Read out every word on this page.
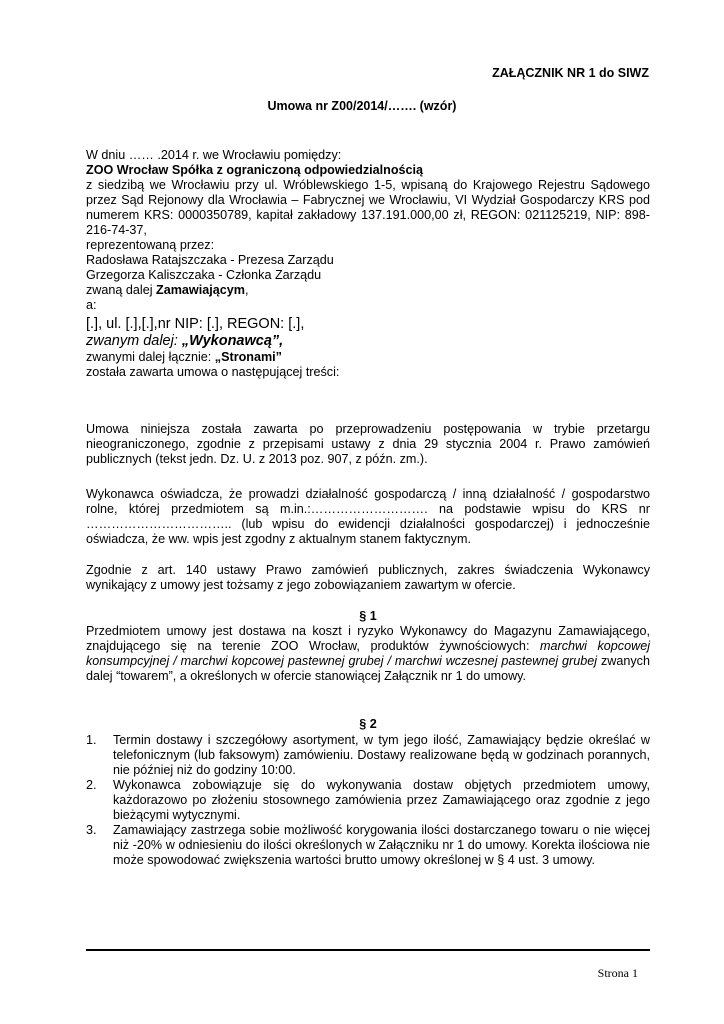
ZAŁĄCZNIK NR 1 do SIWZ
Umowa nr Z00/2014/……. (wzór)
W dniu …… .2014 r. we Wrocławiu pomiędzy:
ZOO Wrocław Spółka z ograniczoną odpowiedzialnością
z siedzibą we Wrocławiu przy ul. Wróblewskiego 1-5, wpisaną do Krajowego Rejestru Sądowego przez Sąd Rejonowy dla Wrocławia – Fabrycznej we Wrocławiu, VI Wydział Gospodarczy KRS pod numerem KRS: 0000350789, kapitał zakładowy 137.191.000,00 zł, REGON: 021125219, NIP: 898-216-74-37,
reprezentowaną przez:
Radosława Ratajszczaka - Prezesa Zarządu
Grzegorza Kaliszczaka - Członka Zarządu
zwaną dalej Zamawiającym,
a:
[.], ul. [.],[.],nr NIP: [.], REGON: [.],
zwanym dalej: „Wykonawcą”,
zwanymi dalej łącznie: „Stronami”
została zawarta umowa o następującej treści:
Umowa niniejsza została zawarta po przeprowadzeniu postępowania w trybie przetargu nieograniczonego, zgodnie z przepisami ustawy z dnia 29 stycznia 2004 r. Prawo zamówień publicznych (tekst jedn. Dz. U. z 2013 poz. 907, z późn. zm.).
Wykonawca oświadcza, że prowadzi działalność gospodarczą / inną działalność / gospodarstwo rolne, której przedmiotem są m.in.:………………………. na podstawie wpisu do KRS nr …………………………….. (lub wpisu do ewidencji działalności gospodarczej) i jednocześnie oświadcza, że ww. wpis jest zgodny z aktualnym stanem faktycznym.
Zgodnie z art. 140 ustawy Prawo zamówień publicznych, zakres świadczenia Wykonawcy wynikający z umowy jest tożsamy z jego zobowiązaniem zawartym w ofercie.
§ 1
Przedmiotem umowy jest dostawa na koszt i ryzyko Wykonawcy do Magazynu Zamawiającego, znajdującego się na terenie ZOO Wrocław, produktów żywnościowych: marchwi kopcowej konsumpcyjnej / marchwi kopcowej pastewnej grubej / marchwi wczesnej pastewnej grubej zwanych dalej “towarem”, a określonych w ofercie stanowiącej Załącznik nr 1 do umowy.
§ 2
1. Termin dostawy i szczegółowy asortyment, w tym jego ilość, Zamawiający będzie określać w telefonicznym (lub faksowym) zamówieniu. Dostawy realizowane będą w godzinach porannych, nie później niż do godziny 10:00.
2. Wykonawca zobowiązuje się do wykonywania dostaw objętych przedmiotem umowy, każdorazowo po złożeniu stosownego zamówienia przez Zamawiającego oraz zgodnie z jego bieżącymi wytycznymi.
3. Zamawiający zastrzega sobie możliwość korygowania ilości dostarczanego towaru o nie więcej niż -20% w odniesieniu do ilości określonych w Załączniku nr 1 do umowy. Korekta ilościowa nie może spowodować zwiększenia wartości brutto umowy określonej w § 4 ust. 3 umowy.
Strona 1
